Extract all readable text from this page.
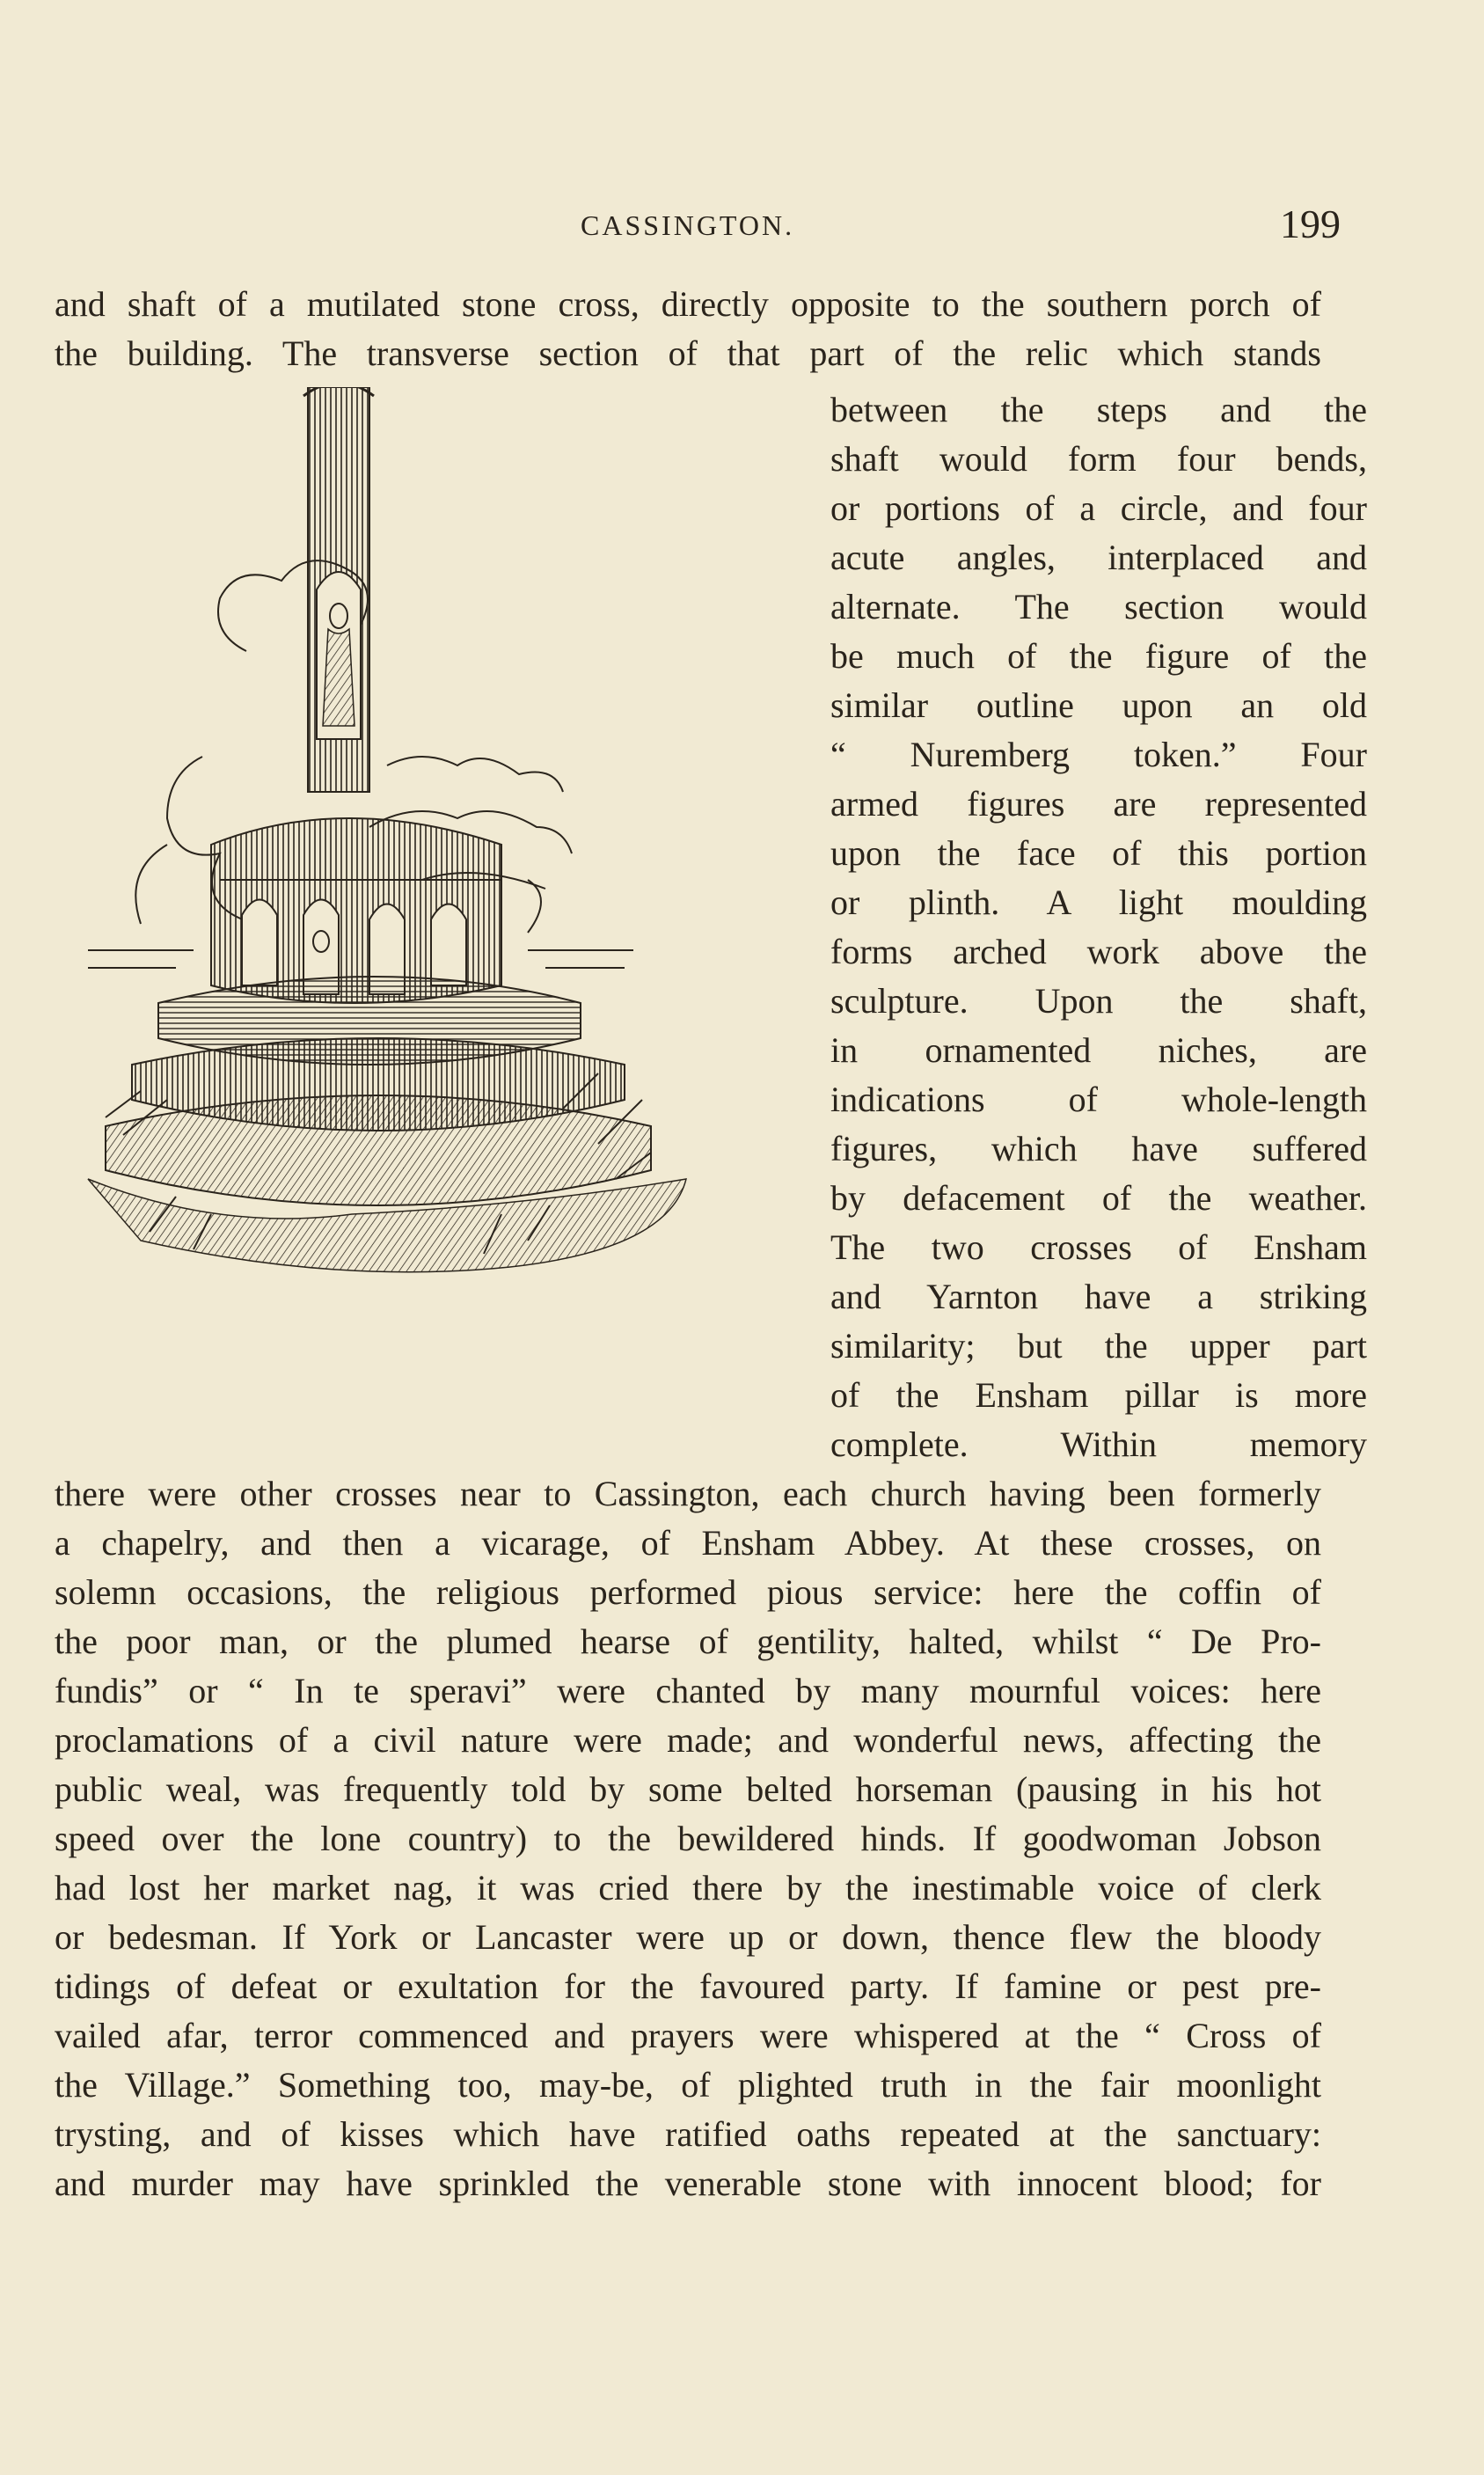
CASSINGTON.	199
and shaft of a mutilated stone cross, directly opposite to the southern porch of
the building. The transverse section of that part of the relic which stands
between the steps and the
shaft would form four bends,
or portions of a circle, and four
acute angles, interplaced and
alternate. The section would
be much of the figure of the
similar outline upon an old
“ Nuremberg token.” Four
armed figures are represented
upon the face of this portion
or plinth. A light moulding
forms arched work above the
sculpture. Upon the shaft,
in ornamented niches, are
indications of whole-length
figures, which have suffered
by defacement of the weather.
The two crosses of Ensham
and Yarnton have a striking
similarity; but the upper part
of the Ensham pillar is more
complete. Within memory
there were other crosses near to Cassington, each church having been formerly
a chapelry, and then a vicarage, of Ensham Abbey. At these crosses, on
solemn occasions, the religious performed pious service: here the coffin of
the poor man, or the plumed hearse of gentility, halted, whilst “ De Pro-
fundis” or “ In te speravi” were chanted by many mournful voices: here
proclamations of a civil nature were made; and wonderful news, affecting the
public weal, was frequently told by some belted horseman (pausing in his hot
speed over the lone country) to the bewildered hinds. If goodwoman Jobson
had lost her market nag, it was cried there by the inestimable voice of clerk
or bedesman. If York or Lancaster were up or down, thence flew the bloody
tidings of defeat or exultation for the favoured party. If famine or pest pre-
vailed afar, terror commenced and prayers were whispered at the “ Cross of
the Village.” Something too, may-be, of plighted truth in the fair moonlight
trysting, and of kisses which have ratified oaths repeated at the sanctuary:
and murder may have sprinkled the venerable stone with innocent blood; for
